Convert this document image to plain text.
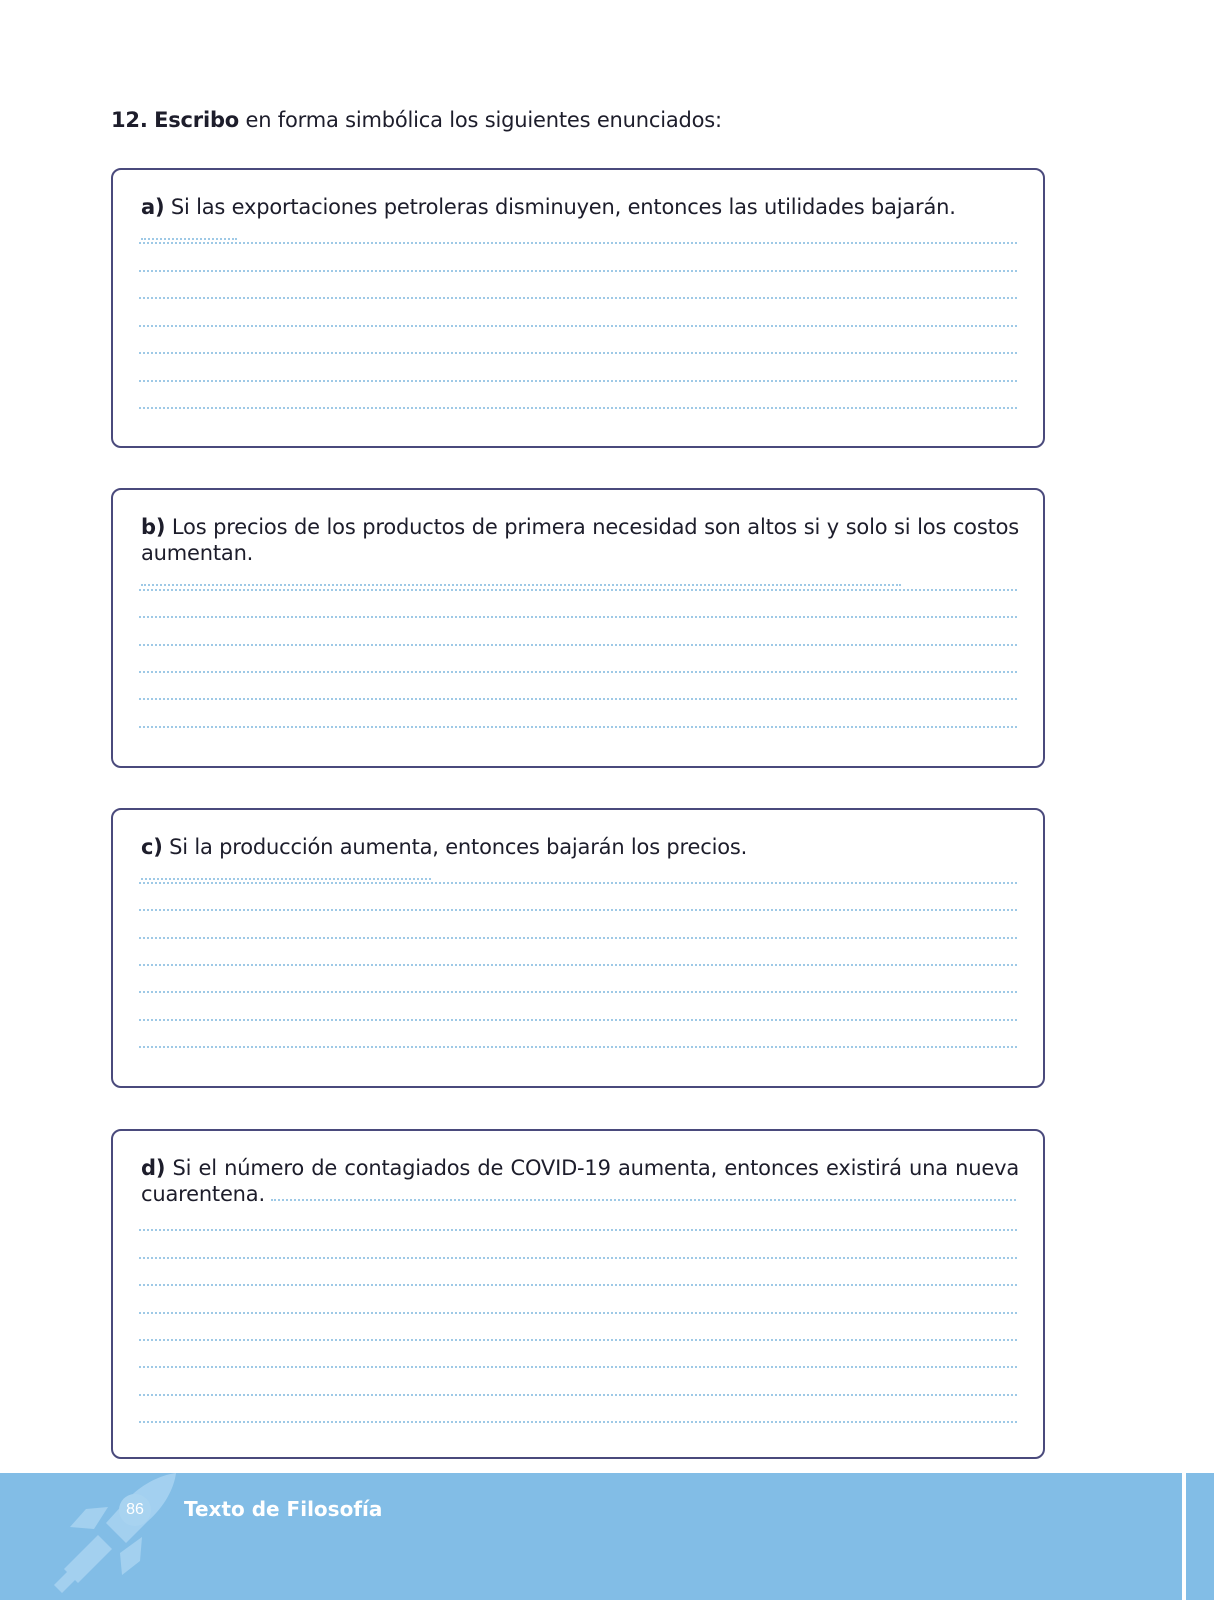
12. Escribo en forma simbólica los siguientes enunciados:
a) Si las exportaciones petroleras disminuyen, entonces las utilidades bajarán.
b) Los precios de los productos de primera necesidad son altos si y solo si los costos aumentan.
c) Si la producción aumenta, entonces bajarán los precios.
d) Si el número de contagiados de COVID-19 aumenta, entonces existirá una nueva cuarentena.
86	Texto de Filosofía
